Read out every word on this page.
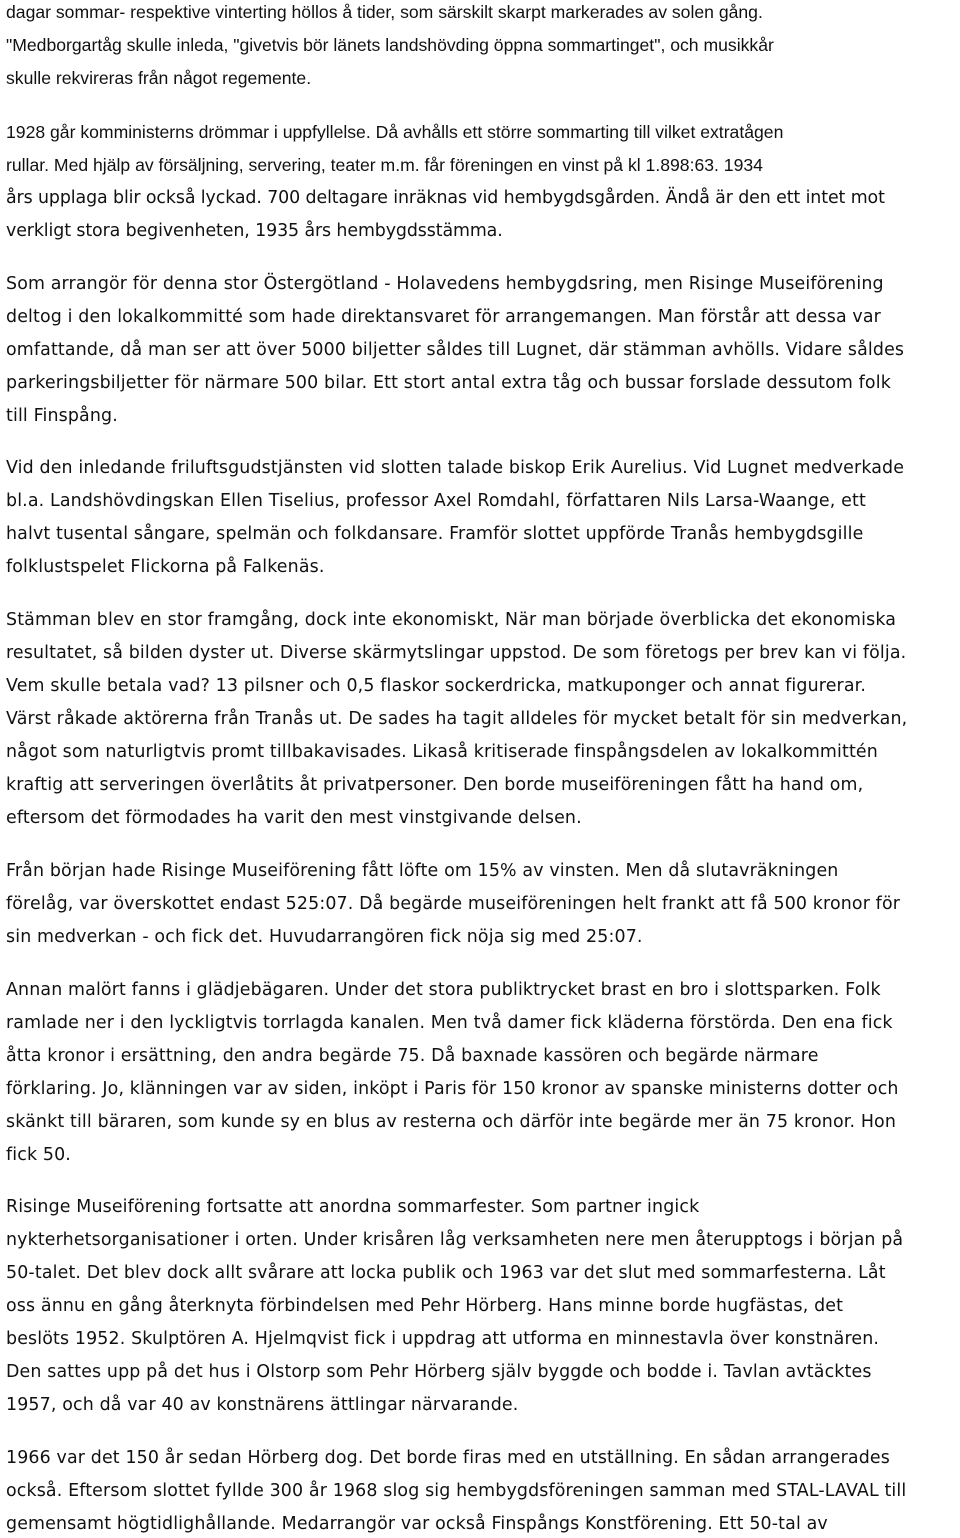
dagar sommar- respektive vinterting höllos å tider, som särskilt skarpt markerades av solen gång.
"Medborgartåg skulle inleda, "givetvis bör länets landshövding öppna sommartinget", och musikkår
skulle rekvireras från något regemente.
1928 går komministerns drömmar i uppfyllelse. Då avhålls ett större sommarting till vilket extratågen
rullar. Med hjälp av försäljning, servering, teater m.m. får föreningen en vinst på kl 1.898:63. 1934
års upplaga blir också lyckad. 700 deltagare inräknas vid hembygdsgården. Ändå är den ett intet mot
verkligt stora begivenheten, 1935 års hembygdsstämma.
Som arrangör för denna stor Östergötland - Holavedens hembygdsring, men Risinge Museiförening
deltog i den lokalkommitté som hade direktansvaret för arrangemangen. Man förstår att dessa var
omfattande, då man ser att över 5000 biljetter såldes till Lugnet, där stämman avhölls. Vidare såldes
parkeringsbiljetter för närmare 500 bilar. Ett stort antal extra tåg och bussar forslade dessutom folk
till Finspång.
Vid den inledande friluftsgudstjänsten vid slotten talade biskop Erik Aurelius. Vid Lugnet medverkade
bl.a. Landshövdingskan Ellen Tiselius, professor Axel Romdahl, författaren Nils Larsa-Waange, ett
halvt tusental sångare, spelmän och folkdansare. Framför slottet uppförde Tranås hembygdsgille
folklustspelet Flickorna på Falkenäs.
Stämman blev en stor framgång, dock inte ekonomiskt, När man började överblicka det ekonomiska
resultatet, så bilden dyster ut. Diverse skärmytslingar uppstod. De som företogs per brev kan vi följa.
Vem skulle betala vad? 13 pilsner och 0,5 flaskor sockerdricka, matkuponger och annat figurerar.
Värst råkade aktörerna från Tranås ut. De sades ha tagit alldeles för mycket betalt för sin medverkan,
något som naturligtvis promt tillbakavisades. Likaså kritiserade finspångsdelen av lokalkommittén
kraftig att serveringen överlåtits åt privatpersoner. Den borde museiföreningen fått ha hand om,
eftersom det förmodades ha varit den mest vinstgivande delsen.
Från början hade Risinge Museiförening fått löfte om 15% av vinsten. Men då slutavräkningen
förelåg, var överskottet endast 525:07. Då begärde museiföreningen helt frankt att få 500 kronor för
sin medverkan - och fick det. Huvudarrangören fick nöja sig med 25:07.
Annan malört fanns i glädjebägaren. Under det stora publiktrycket brast en bro i slottsparken. Folk
ramlade ner i den lyckligtvis torrlagda kanalen. Men två damer fick kläderna förstörda. Den ena fick
åtta kronor i ersättning, den andra begärde 75. Då baxnade kassören och begärde närmare
förklaring. Jo, klänningen var av siden, inköpt i Paris för 150 kronor av spanske ministerns dotter och
skänkt till bäraren, som kunde sy en blus av resterna och därför inte begärde mer än 75 kronor. Hon
fick 50.
Risinge Museiförening fortsatte att anordna sommarfester. Som partner ingick
nykterhetsorganisationer i orten. Under krisåren låg verksamheten nere men återupptogs i början på
50-talet. Det blev dock allt svårare att locka publik och 1963 var det slut med sommarfesterna. Låt
oss ännu en gång återknyta förbindelsen med Pehr Hörberg. Hans minne borde hugfästas, det
beslöts 1952. Skulptören A. Hjelmqvist fick i uppdrag att utforma en minnestavla över konstnären.
Den sattes upp på det hus i Olstorp som Pehr Hörberg själv byggde och bodde i. Tavlan avtäcktes
1957, och då var 40 av konstnärens ättlingar närvarande.
1966 var det 150 år sedan Hörberg dog. Det borde firas med en utställning. En sådan arrangerades
också. Eftersom slottet fyllde 300 år 1968 slog sig hembygdsföreningen samman med STAL-LAVAL till
gemensamt högtidlighållande. Medarrangör var också Finspångs Konstförening. Ett 50-tal av
